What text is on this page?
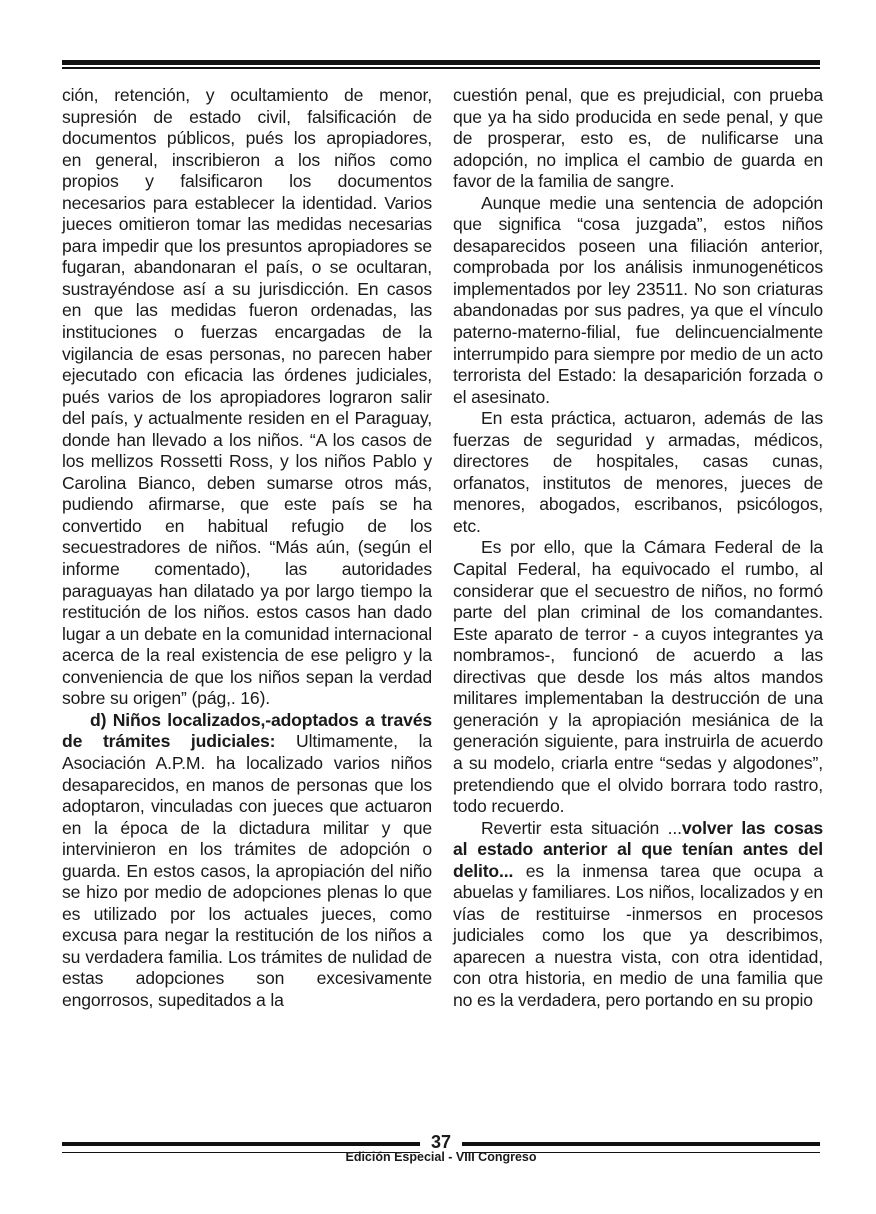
ción, retención, y ocultamiento de menor, supresión de estado civil, falsificación de documentos públicos, pués los apropiadores, en general, inscribieron a los niños como propios y falsificaron los documentos necesarios para establecer la identidad. Varios jueces omitieron tomar las medidas necesarias para impedir que los presuntos apropiadores se fugaran, abandonaran el país, o se ocultaran, sustrayéndose así a su jurisdicción. En casos en que las medidas fueron ordenadas, las instituciones o fuerzas encargadas de la vigilancia de esas personas, no parecen haber ejecutado con eficacia las órdenes judiciales, pués varios de los apropiadores lograron salir del país, y actualmente residen en el Paraguay, donde han llevado a los niños. “A los casos de los mellizos Rossetti Ross, y los niños Pablo y Carolina Bianco, deben sumarse otros más, pudiendo afirmarse, que este país se ha convertido en habitual refugio de los secuestradores de niños. “Más aún, (según el informe comentado), las autoridades paraguayas han dilatado ya por largo tiempo la restitución de los niños. estos casos han dado lugar a un debate en la comunidad internacional acerca de la real existencia de ese peligro y la conveniencia de que los niños sepan la verdad sobre su origen” (pág,. 16).

d) Niños localizados,-adoptados a través de trámites judiciales: Ultimamente, la Asociación A.P.M. ha localizado varios niños desaparecidos, en manos de personas que los adoptaron, vinculadas con jueces que actuaron en la época de la dictadura militar y que intervinieron en los trámites de adopción o guarda. En estos casos, la apropiación del niño se hizo por medio de adopciones plenas lo que es utilizado por los actuales jueces, como excusa para negar la restitución de los niños a su verdadera familia. Los trámites de nulidad de estas adopciones son excesivamente engorrosos, supeditados a la

cuestión penal, que es prejudicial, con prueba que ya ha sido producida en sede penal, y que de prosperar, esto es, de nulificarse una adopción, no implica el cambio de guarda en favor de la familia de sangre.

Aunque medie una sentencia de adopción que significa “cosa juzgada”, estos niños desaparecidos poseen una filiación anterior, comprobada por los análisis inmunogenéticos implementados por ley 23511. No son criaturas abandonadas por sus padres, ya que el vínculo paterno-materno-filial, fue delincuencialmente interrumpido para siempre por medio de un acto terrorista del Estado: la desaparición forzada o el asesinato.

En esta práctica, actuaron, además de las fuerzas de seguridad y armadas, médicos, directores de hospitales, casas cunas, orfanatos, institutos de menores, jueces de menores, abogados, escribanos, psicólogos, etc.

Es por ello, que la Cámara Federal de la Capital Federal, ha equivocado el rumbo, al considerar que el secuestro de niños, no formó parte del plan criminal de los comandantes. Este aparato de terror - a cuyos integrantes ya nombramos-, funcionó de acuerdo a las directivas que desde los más altos mandos militares implementaban la destrucción de una generación y la apropiación mesiánica de la generación siguiente, para instruirla de acuerdo a su modelo, criarla entre “sedas y algodones”, pretendiendo que el olvido borrara todo rastro, todo recuerdo.

Revertir esta situación ...volver las cosas al estado anterior al que tenían antes del delito... es la inmensa tarea que ocupa a abuelas y familiares. Los niños, localizados y en vías de restituirse -inmersos en procesos judiciales como los que ya describimos, aparecen a nuestra vista, con otra identidad, con otra historia, en medio de una familia que no es la verdadera, pero portando en su propio

37
Edición Especial - VIII Congreso
